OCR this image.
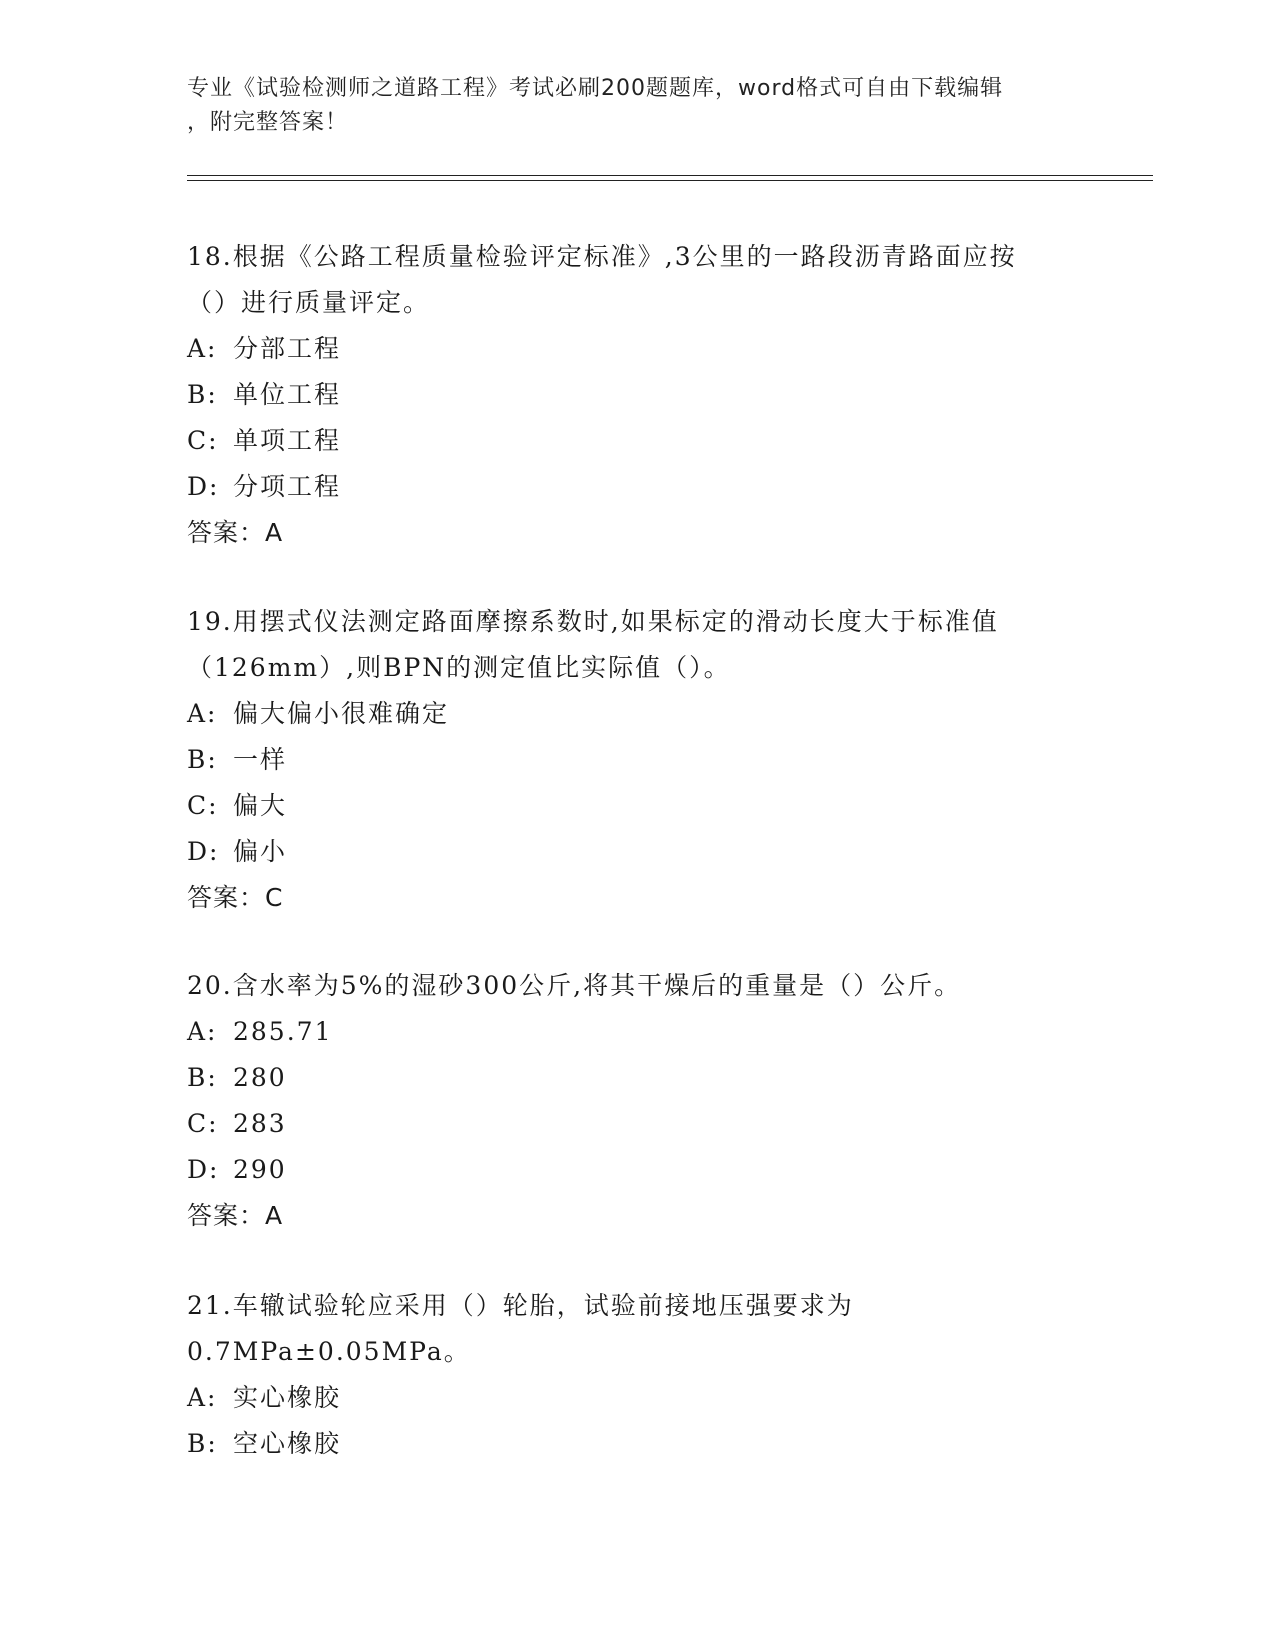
专业《试验检测师之道路工程》考试必刷200题题库，word格式可自由下载编辑
，附完整答案！

18.根据《公路工程质量检验评定标准》,3公里的一路段沥青路面应按

（）进行质量评定。

A: 分部工程

B: 单位工程

C: 单项工程

D: 分项工程

答案：A

19.用摆式仪法测定路面摩擦系数时,如果标定的滑动长度大于标准值

（126mm）,则BPN的测定值比实际值（）。

A: 偏大偏小很难确定

B: 一样

C: 偏大

D: 偏小

答案：C

20.含水率为5%的湿砂300公斤,将其干燥后的重量是（）公斤。

A: 285.71

B: 280

C: 283

D: 290

答案：A

21.车辙试验轮应采用（）轮胎，试验前接地压强要求为

0.7MPa±0.05MPa。

A: 实心橡胶

B: 空心橡胶
